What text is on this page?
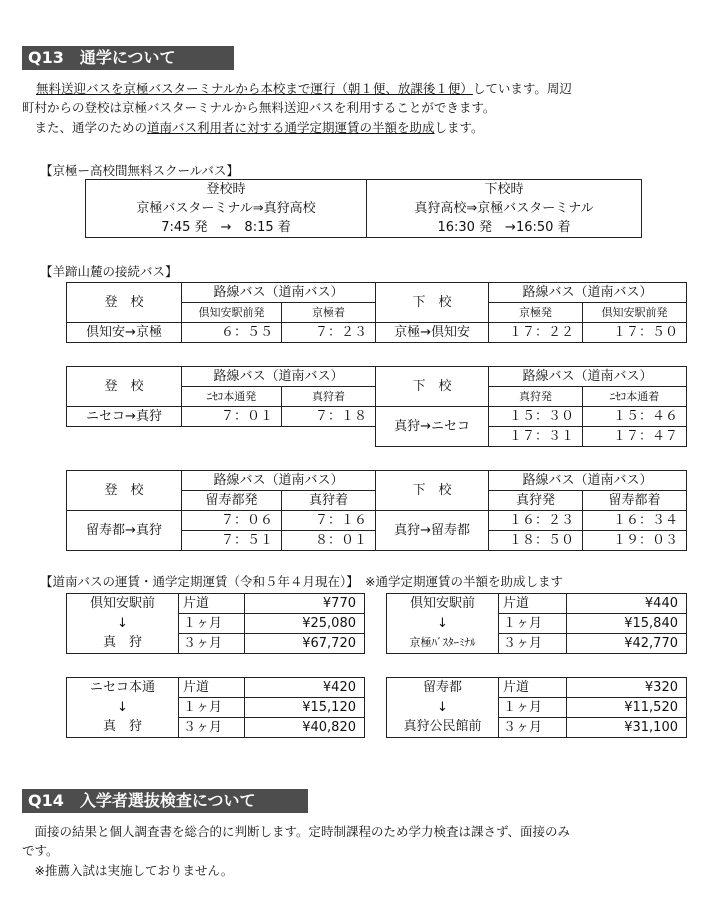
Q13　通学について
無料送迎バスを京極バスターミナルから本校まで運行（朝１便、放課後１便）しています。周辺
町村からの登校は京極バスターミナルから無料送迎バスを利用することができます。
　また、通学のための道南バス利用者に対する通学定期運賃の半額を助成します。
【京極ー高校間無料スクールバス】
登校時	下校時
京極バスターミナル⇒真狩高校	真狩高校⇒京極バスターミナル
7:45 発　→　8:15 着	16:30 発　→16:50 着
【羊蹄山麓の接続バス】
登　校	路線バス（道南バス）		下　校	路線バス（道南バス）	
	倶知安駅前発	京極着		京極発	倶知安駅前発
倶知安→京極	６：５５	７：２３	京極→倶知安	１７：２２	１７：５０
登　校	路線バス（道南バス）		下　校	路線バス（道南バス）	
	ﾆｾｺ本通発	真狩着		真狩発	ﾆｾｺ本通着
ニセコ→真狩	７：０１	７：１８	真狩→ニセコ	１５：３０	１５：４６
				１７：３１	１７：４７
登　校	路線バス（道南バス）		下　校	路線バス（道南バス）	
	留寿都発	真狩着		真狩発	留寿都着
留寿都→真狩	７：０６	７：１６	真狩→留寿都	１６：２３	１６：３４
	７：５１	８：０１		１８：５０	１９：０３
【道南バスの運賃・通学定期運賃（令和５年４月現在）】　※通学定期運賃の半額を助成します
倶知安駅前	片道	¥770
↓	１ヶ月	¥25,080
真　狩	３ヶ月	¥67,720
倶知安駅前	片道	¥440
↓	１ヶ月	¥15,840
京極ﾊﾞｽﾀｰﾐﾅﾙ	３ヶ月	¥42,770
ニセコ本通	片道	¥420
↓	１ヶ月	¥15,120
真　狩	３ヶ月	¥40,820
留寿都	片道	¥320
↓	１ヶ月	¥11,520
真狩公民館前	３ヶ月	¥31,100
Q14　入学者選抜検査について
　面接の結果と個人調査書を総合的に判断します。定時制課程のため学力検査は課さず、面接のみ
です。
　※推薦入試は実施しておりません。
